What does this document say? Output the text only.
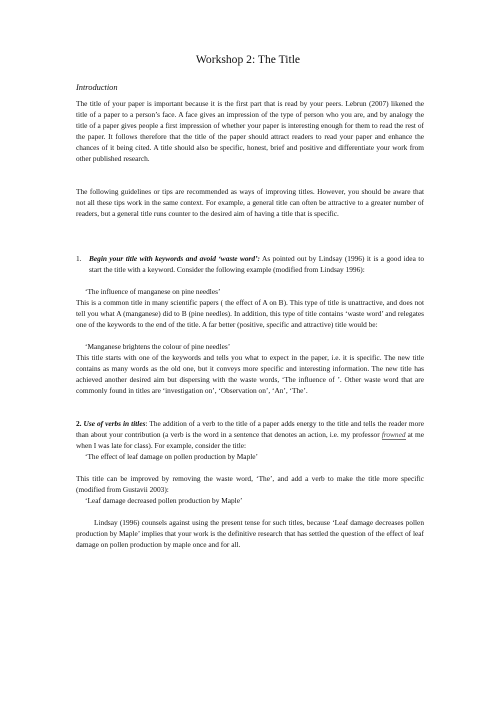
Workshop 2: The Title
Introduction
The title of your paper is important because it is the first part that is read by your peers. Lebrun (2007) likened the title of a paper to a person’s face. A face gives an impression of the type of person who you are, and by analogy the title of a paper gives people a first impression of whether your paper is interesting enough for them to read the rest of the paper. It follows therefore that the title of the paper should attract readers to read your paper and enhance the chances of it being cited. A title should also be specific, honest, brief and positive and differentiate your work from other published research.
The following guidelines or tips are recommended as ways of improving titles. However, you should be aware that not all these tips work in the same context. For example, a general title can often be attractive to a greater number of readers, but a general title runs counter to the desired aim of having a title that is specific.
1.	Begin your title with keywords and avoid ‘waste word’: As pointed out by Lindsay (1996) it is a good idea to start the title with a keyword. Consider the following example (modified from Lindsay 1996):
‘The influence of manganese on pine needles’
This is a common title in many scientific papers ( the effect of A on B). This type of title is unattractive, and does not tell you what A (manganese) did to B (pine needles). In addition, this type of title contains ‘waste word’ and relegates one of the keywords to the end of the title. A far better (positive, specific and attractive) title would be:
‘Manganese brightens the colour of pine needles’
This title starts with one of the keywords and tells you what to expect in the paper, i.e. it is specific. The new title contains as many words as the old one, but it conveys more specific and interesting information. The new title has achieved another desired aim but dispersing with the waste words, ‘The influence of ’. Other waste word that are commonly found in titles are ‘investigation on’, ‘Observation on’, ‘An’, ‘The’.
2. Use of verbs in titles: The addition of a verb to the title of a paper adds energy to the title and tells the reader more than about your contribution (a verb is the word in a sentence that denotes an action, i.e. my professor frowned at me when I was late for class). For example, consider the title:
‘The effect of leaf damage on pollen production by Maple’
This title can be improved by removing the waste word, ‘The’, and add a verb to make the title more specific (modified from Gustavii 2003):
‘Leaf damage decreased pollen production by Maple’
Lindsay (1996) counsels against using the present tense for such titles, because ‘Leaf damage decreases pollen production by Maple’ implies that your work is the definitive research that has settled the question of the effect of leaf damage on pollen production by maple once and for all.
